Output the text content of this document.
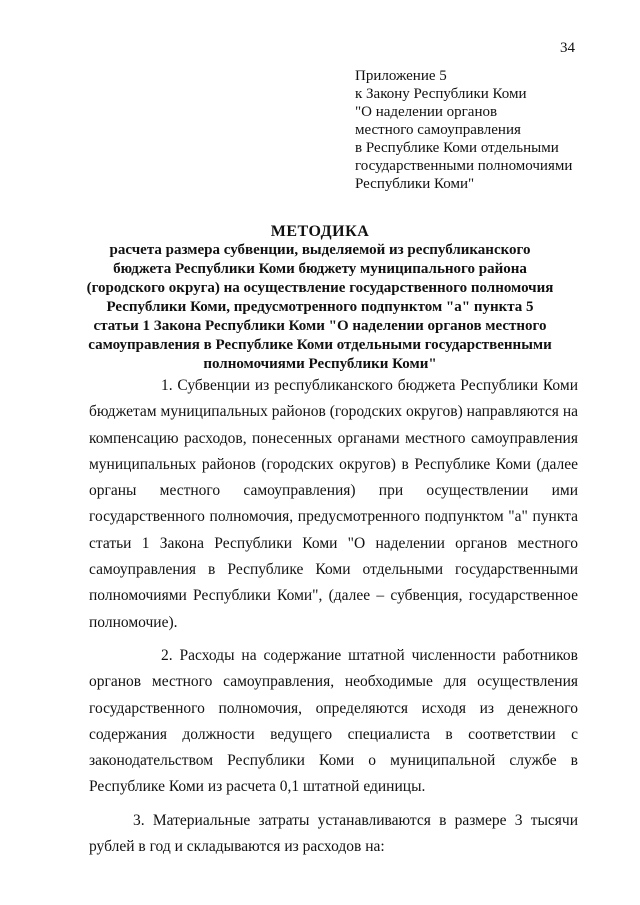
34
Приложение 5
к Закону Республики Коми
"О наделении органов
местного самоуправления
в Республике Коми отдельными
государственными полномочиями
Республики Коми"
МЕТОДИКА
расчета размера субвенции, выделяемой из республиканского
бюджета Республики Коми бюджету муниципального района
(городского округа) на осуществление государственного полномочия
Республики Коми, предусмотренного подпунктом "а" пункта 5
статьи 1 Закона Республики Коми "О наделении органов местного
самоуправления в Республике Коми отдельными государственными
полномочиями Республики Коми"
1. Субвенции из республиканского бюджета Республики Коми
бюджетам муниципальных районов (городских округов) направляются на
компенсацию расходов, понесенных органами местного самоуправления
муниципальных районов (городских округов) в Республике Коми (далее
органы местного самоуправления) при осуществлении ими
государственного полномочия, предусмотренного подпунктом "а" пункта
статьи 1 Закона Республики Коми "О наделении органов местного
самоуправления в Республике Коми отдельными государственными
полномочиями Республики Коми", (далее – субвенция, государственное
полномочие).
2. Расходы на содержание штатной численности работников
органов местного самоуправления, необходимые для осуществления
государственного полномочия, определяются исходя из денежного
содержания должности ведущего специалиста в соответствии с
законодательством Республики Коми о муниципальной службе в
Республике Коми из расчета 0,1 штатной единицы.
3. Материальные затраты устанавливаются в размере 3 тысячи
рублей в год и складываются из расходов на:
